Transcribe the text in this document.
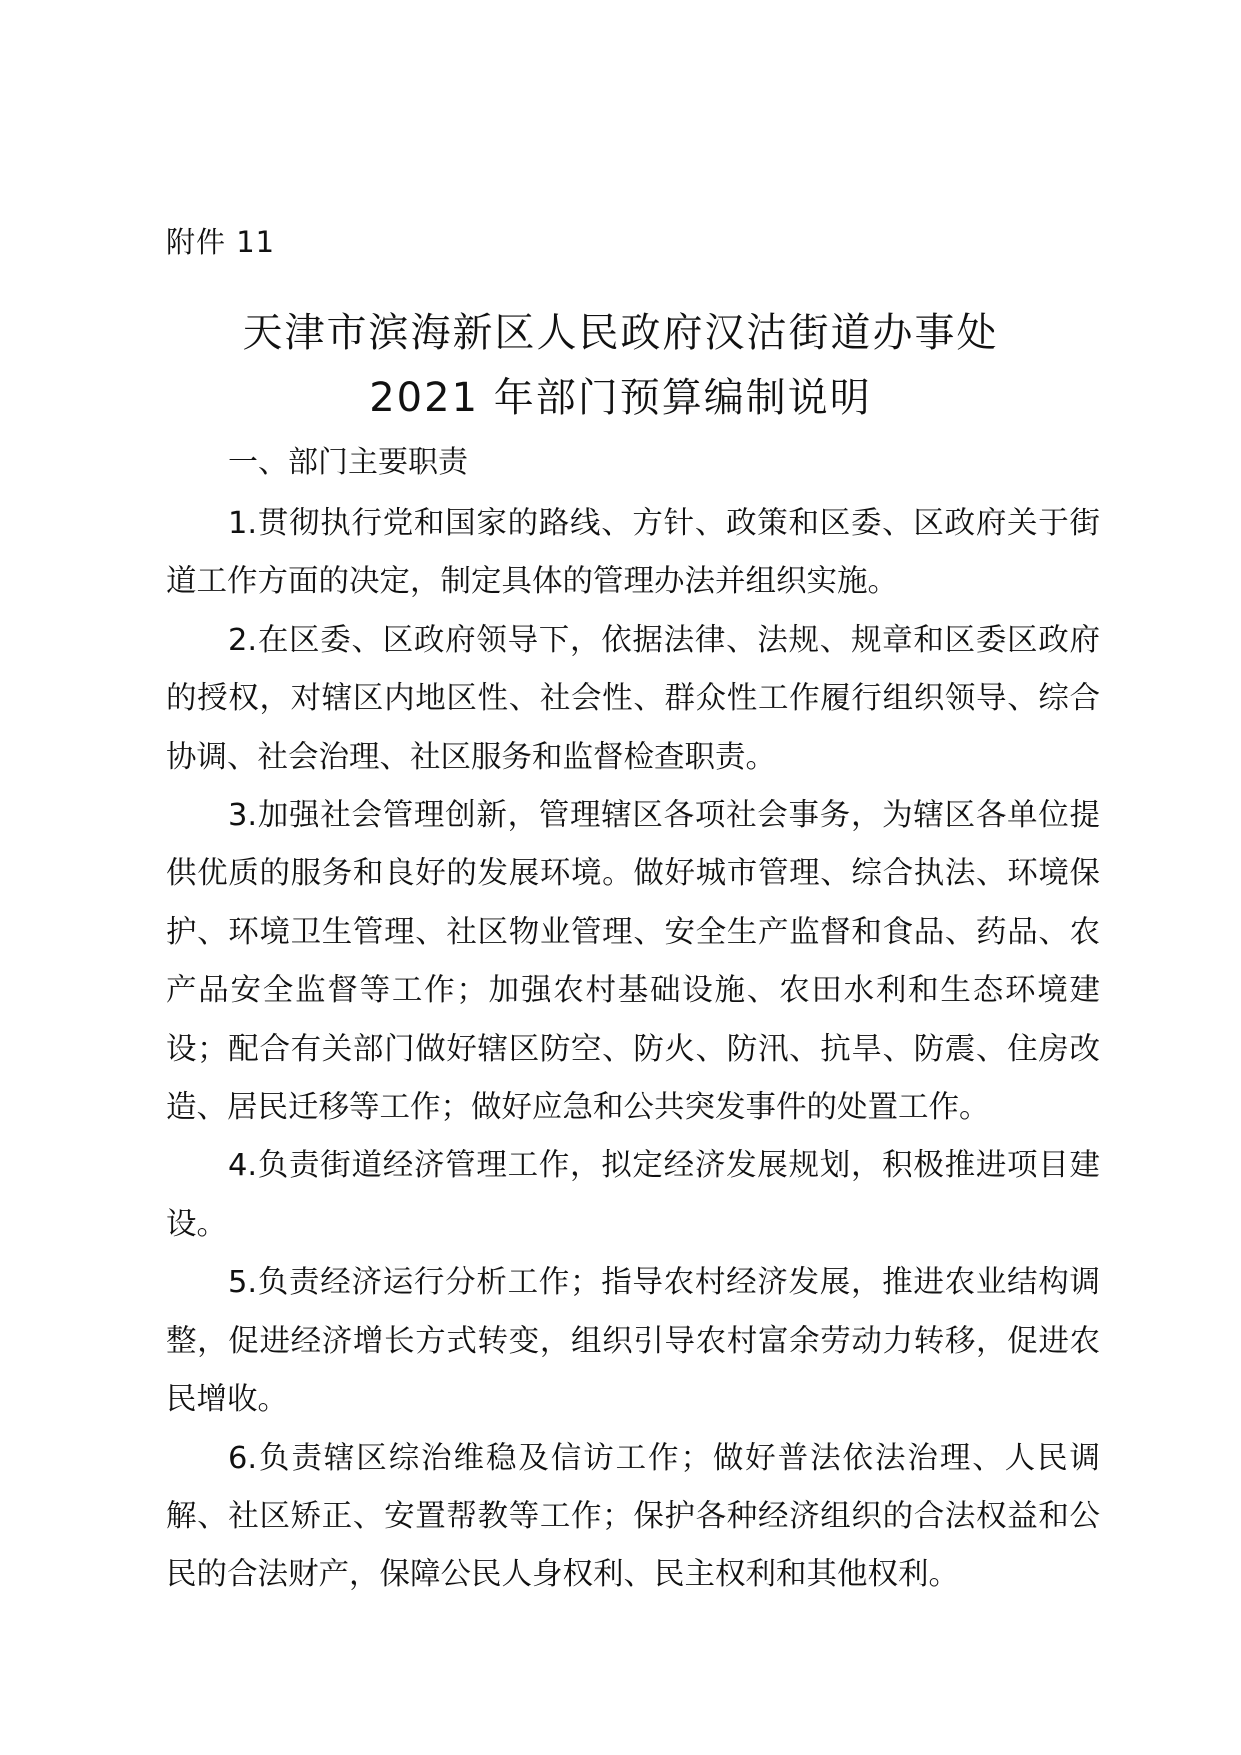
附件 11
天津市滨海新区人民政府汉沽街道办事处
2021 年部门预算编制说明
一、部门主要职责

1.贯彻执行党和国家的路线、方针、政策和区委、区政府关于街道工作方面的决定，制定具体的管理办法并组织实施。

2.在区委、区政府领导下，依据法律、法规、规章和区委区政府的授权，对辖区内地区性、社会性、群众性工作履行组织领导、综合协调、社会治理、社区服务和监督检查职责。

3.加强社会管理创新，管理辖区各项社会事务，为辖区各单位提供优质的服务和良好的发展环境。做好城市管理、综合执法、环境保护、环境卫生管理、社区物业管理、安全生产监督和食品、药品、农产品安全监督等工作；加强农村基础设施、农田水利和生态环境建设；配合有关部门做好辖区防空、防火、防汛、抗旱、防震、住房改造、居民迁移等工作；做好应急和公共突发事件的处置工作。

4.负责街道经济管理工作，拟定经济发展规划，积极推进项目建设。

5.负责经济运行分析工作；指导农村经济发展，推进农业结构调整，促进经济增长方式转变，组织引导农村富余劳动力转移，促进农民增收。

6.负责辖区综治维稳及信访工作；做好普法依法治理、人民调解、社区矫正、安置帮教等工作；保护各种经济组织的合法权益和公民的合法财产，保障公民人身权利、民主权利和其他权利。
